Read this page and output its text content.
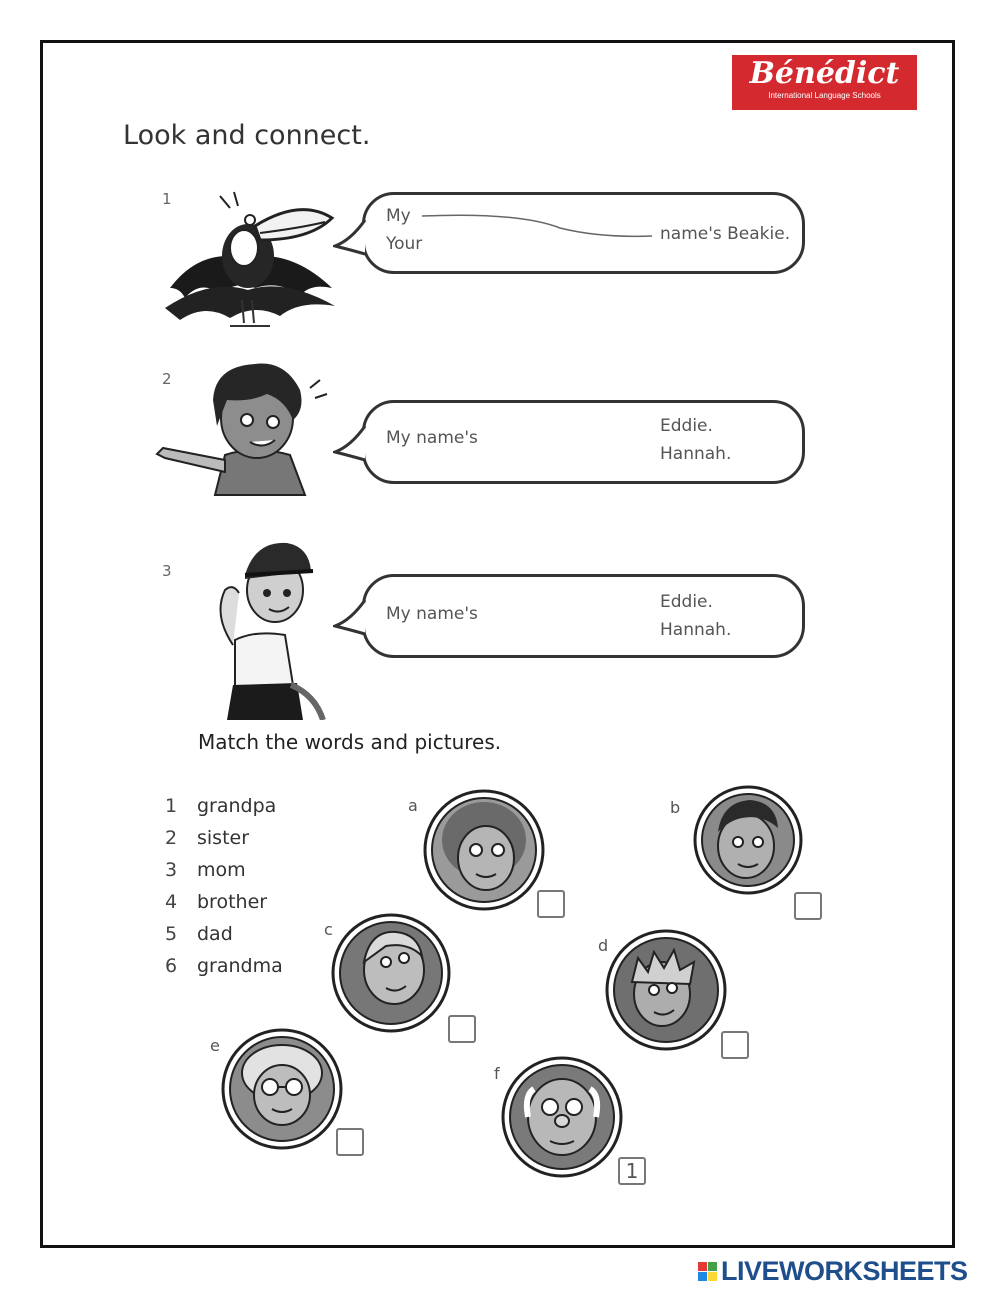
Bénédict
International Language Schools
Look and connect.
1
My
Your	name's Beakie.
2
My name's
Eddie.
Hannah.
3
My name's
Eddie.
Hannah.
Match the words and pictures.
1 grandpa
2 sister
3 mom
4 brother
5 dad
6 grandma
a	b
c
d
e
f
1
LIVEWORKSHEETS
